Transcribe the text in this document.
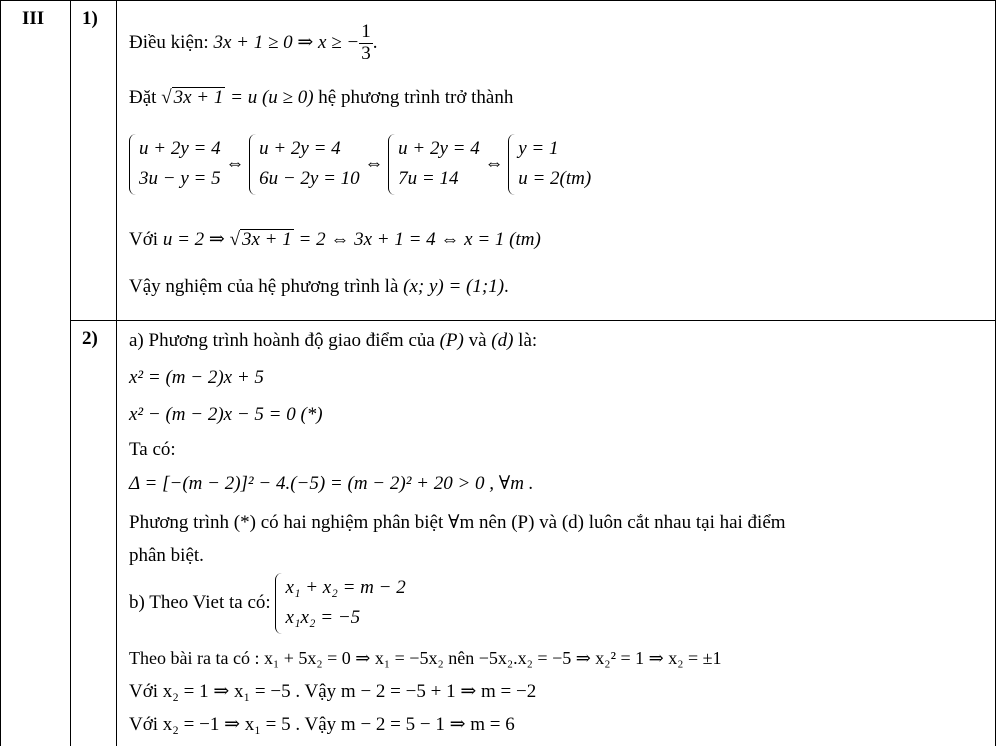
III 1)
2)
Điều kiện: 3x + 1 ≥ 0 ⇒ x ≥ − $\frac{1}{3}$ .
Đặt √ 3x + 1 = u (u ≥ 0) hệ phương trình trở thành
u + 2y = 4
3u − y = 5
⇔
u + 2y = 4
6u − 2y = 10
⇔
u + 2y = 4
7u = 14
⇔
y = 1
u = 2(tm)
Với u = 2 ⇒ √ 3x + 1 = 2 ⇔ 3x + 1 = 4 ⇔ x = 1 (tm)
Vậy nghiệm của hệ phương trình là (x; y) = (1;1).
a) Phương trình hoành độ giao điểm của (P) và (d) là:
x² = (m − 2)x + 5
x² − (m − 2)x − 5 = 0 (*)
Ta có:
Δ = [−(m − 2)]² − 4.(−5) = (m − 2)² + 20 > 0 , ∀m .
Phương trình (*) có hai nghiệm phân biệt ∀m nên (P) và (d) luôn cắt nhau tại hai điểm
phân biệt.
b) Theo Viet ta có:
x₁ + x₂ = m − 2
x₁x₂ = −5
Theo bài ra ta có : x₁ + 5x₂ = 0 ⇒ x₁ = −5x₂ nên −5x₂.x₂ = −5 ⇒ x₂² = 1 ⇒ x₂ = ±1
Với x₂ = 1 ⇒ x₁ = −5 . Vậy m − 2 = −5 + 1 ⇒ m = −2
Với x₂ = −1 ⇒ x₁ = 5 . Vậy m − 2 = 5 − 1 ⇒ m = 6
